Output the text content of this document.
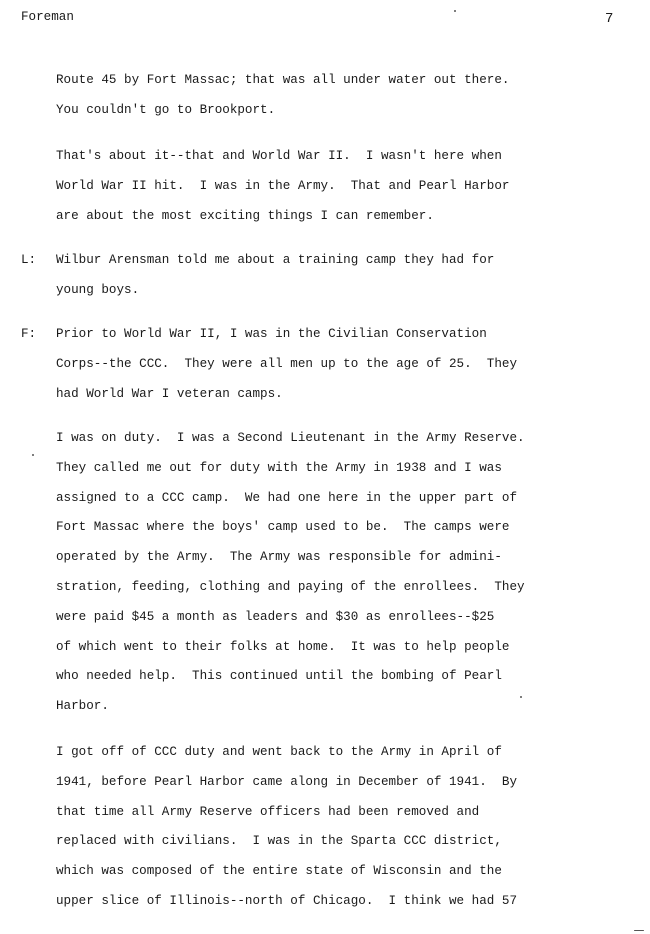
Foreman	7
Route 45 by Fort Massac; that was all under water out there.
You couldn't go to Brookport.
That's about it--that and World War II.  I wasn't here when
World War II hit.  I was in the Army.  That and Pearl Harbor
are about the most exciting things I can remember.
L: Wilbur Arensman told me about a training camp they had for
young boys.
F: Prior to World War II, I was in the Civilian Conservation
Corps--the CCC.  They were all men up to the age of 25.  They
had World War I veteran camps.
I was on duty.  I was a Second Lieutenant in the Army Reserve.
They called me out for duty with the Army in 1938 and I was
assigned to a CCC camp.  We had one here in the upper part of
Fort Massac where the boys' camp used to be.  The camps were
operated by the Army.  The Army was responsible for admini-
stration, feeding, clothing and paying of the enrollees.  They
were paid $45 a month as leaders and $30 as enrollees--$25
of which went to their folks at home.  It was to help people
who needed help.  This continued until the bombing of Pearl
Harbor.
I got off of CCC duty and went back to the Army in April of
1941, before Pearl Harbor came along in December of 1941.  By
that time all Army Reserve officers had been removed and
replaced with civilians.  I was in the Sparta CCC district,
which was composed of the entire state of Wisconsin and the
upper slice of Illinois--north of Chicago.  I think we had 57
